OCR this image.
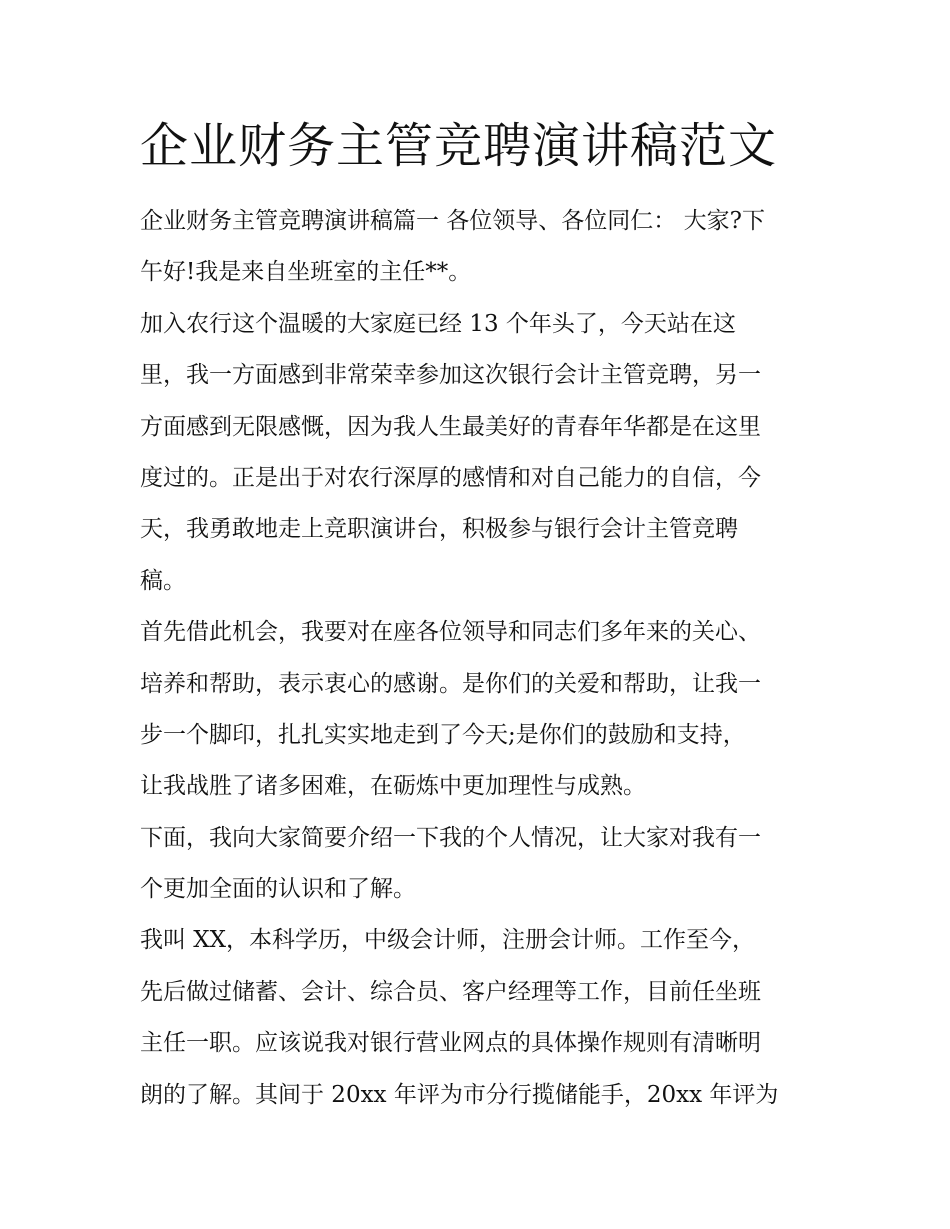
企业财务主管竞聘演讲稿范文
企业财务主管竞聘演讲稿篇一 各位领导、各位同仁： 大家?下
午好!我是来自坐班室的主任**。
加入农行这个温暖的大家庭已经 13 个年头了，今天站在这
里，我一方面感到非常荣幸参加这次银行会计主管竞聘，另一
方面感到无限感慨，因为我人生最美好的青春年华都是在这里
度过的。正是出于对农行深厚的感情和对自己能力的自信，今
天，我勇敢地走上竞职演讲台，积极参与银行会计主管竞聘
稿。
首先借此机会，我要对在座各位领导和同志们多年来的关心、
培养和帮助，表示衷心的感谢。是你们的关爱和帮助，让我一
步一个脚印，扎扎实实地走到了今天;是你们的鼓励和支持，
让我战胜了诸多困难，在砺炼中更加理性与成熟。
下面，我向大家简要介绍一下我的个人情况，让大家对我有一
个更加全面的认识和了解。
我叫 XX，本科学历，中级会计师，注册会计师。工作至今，
先后做过储蓄、会计、综合员、客户经理等工作，目前任坐班
主任一职。应该说我对银行营业网点的具体操作规则有清晰明
朗的了解。其间于 20xx 年评为市分行揽储能手，20xx 年评为
